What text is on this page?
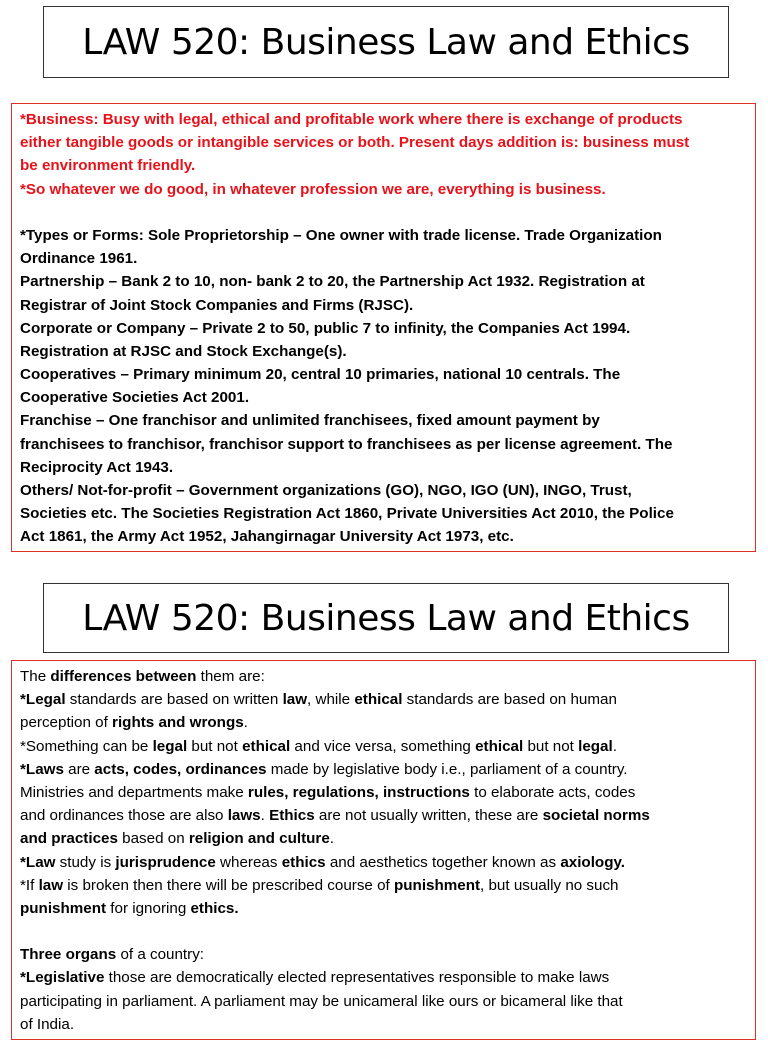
LAW 520: Business Law and Ethics
*Business: Busy with legal, ethical and profitable work where there is exchange of products
either tangible goods or intangible services or both. Present days addition is: business must
be environment friendly.
*So whatever we do good, in whatever profession we are, everything is business.
*Types or Forms: Sole Proprietorship – One owner with trade license. Trade Organization
Ordinance 1961.
Partnership – Bank 2 to 10, non- bank 2 to 20, the Partnership Act 1932. Registration at
Registrar of Joint Stock Companies and Firms (RJSC).
Corporate or Company – Private 2 to 50, public 7 to infinity, the Companies Act 1994.
Registration at RJSC and Stock Exchange(s).
Cooperatives – Primary minimum 20, central 10 primaries, national 10 centrals. The
Cooperative Societies Act 2001.
Franchise – One franchisor and unlimited franchisees, fixed amount payment by
franchisees to franchisor, franchisor support to franchisees as per license agreement. The
Reciprocity Act 1943.
Others/ Not-for-profit – Government organizations (GO), NGO, IGO (UN), INGO, Trust,
Societies etc. The Societies Registration Act 1860, Private Universities Act 2010, the Police
Act 1861, the Army Act 1952, Jahangirnagar University Act 1973, etc.
LAW 520: Business Law and Ethics
The differences between them are:
*Legal standards are based on written law, while ethical standards are based on human
perception of rights and wrongs.
*Something can be legal but not ethical and vice versa, something ethical but not legal.
*Laws are acts, codes, ordinances made by legislative body i.e., parliament of a country.
Ministries and departments make rules, regulations, instructions to elaborate acts, codes
and ordinances those are also laws. Ethics are not usually written, these are societal norms
and practices based on religion and culture.
*Law study is jurisprudence whereas ethics and aesthetics together known as axiology.
*If law is broken then there will be prescribed course of punishment, but usually no such
punishment for ignoring ethics.
Three organs of a country:
*Legislative those are democratically elected representatives responsible to make laws
participating in parliament. A parliament may be unicameral like ours or bicameral like that
of India.
